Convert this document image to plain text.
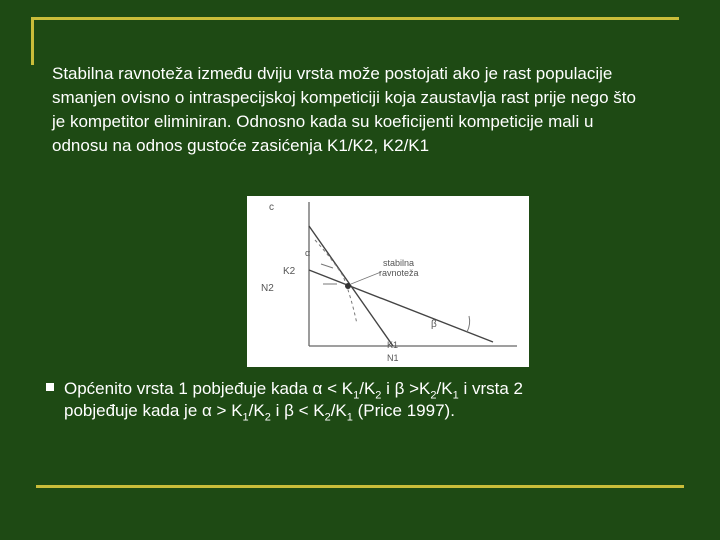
Stabilna ravnoteža između dviju vrsta može postojati ako je rast populacije smanjen ovisno o intraspecijskoj kompeticiji koja zaustavlja rast prije nego što je kompetitor eliminiran. Odnosno kada su koeficijenti kompeticije mali u odnosu na odnos gustoće zasićenja K1/K2, K2/K1
c
K2
N2
α
stabilna
ravnoteža
β
K1
N1
Općenito vrsta 1 pobjeđuje kada $\alpha < K_1/K_2$ i $\beta >K_2/K_1$ i vrsta 2
pobjeđuje kada je $\alpha > K_1/K_2$ i $\beta < K_2/K_1$ (Price 1997).
